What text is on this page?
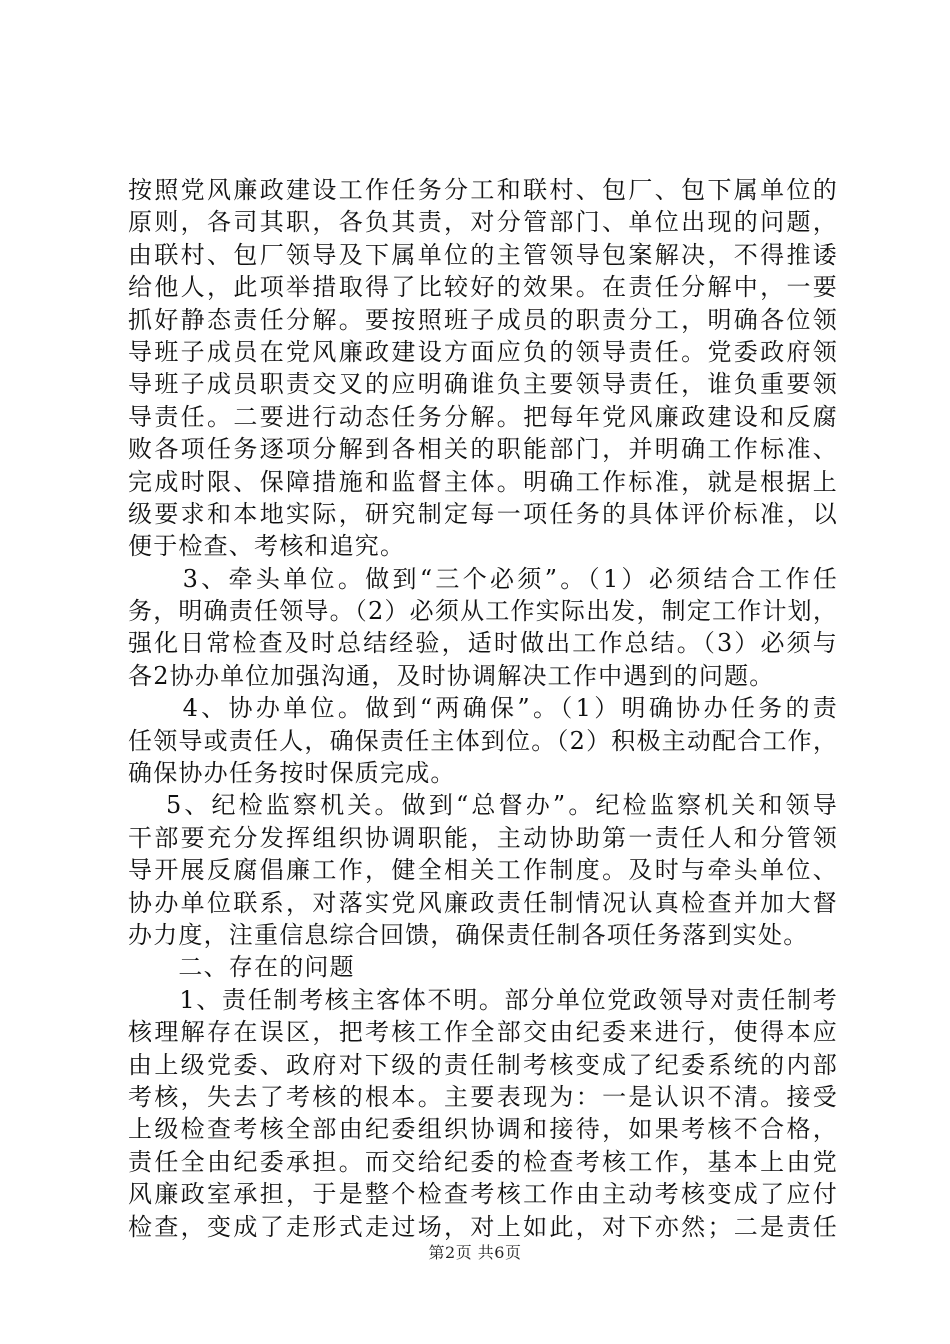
按照党风廉政建设工作任务分工和联村、包厂、包下属单位的
原则，各司其职，各负其责，对分管部门、单位出现的问题，
由联村、包厂领导及下属单位的主管领导包案解决，不得推诿
给他人，此项举措取得了比较好的效果。在责任分解中，一要
抓好静态责任分解。要按照班子成员的职责分工，明确各位领
导班子成员在党风廉政建设方面应负的领导责任。党委政府领
导班子成员职责交叉的应明确谁负主要领导责任，谁负重要领
导责任。二要进行动态任务分解。把每年党风廉政建设和反腐
败各项任务逐项分解到各相关的职能部门，并明确工作标准、
完成时限、保障措施和监督主体。明确工作标准，就是根据上
级要求和本地实际，研究制定每一项任务的具体评价标准，以
便于检查、考核和追究。
　　3、牵头单位。做到“三个必须”。（1）必须结合工作任
务，明确责任领导。（2）必须从工作实际出发，制定工作计划，
强化日常检查及时总结经验，适时做出工作总结。（3）必须与
各2协办单位加强沟通，及时协调解决工作中遇到的问题。
　　4、协办单位。做到“两确保”。（1）明确协办任务的责
任领导或责任人，确保责任主体到位。（2）积极主动配合工作，
确保协办任务按时保质完成。
　 5、纪检监察机关。做到“总督办”。纪检监察机关和领导
干部要充分发挥组织协调职能，主动协助第一责任人和分管领
导开展反腐倡廉工作，健全相关工作制度。及时与牵头单位、
协办单位联系，对落实党风廉政责任制情况认真检查并加大督
办力度，注重信息综合回馈，确保责任制各项任务落到实处。
　　二、存在的问题
　　1、责任制考核主客体不明。部分单位党政领导对责任制考
核理解存在误区，把考核工作全部交由纪委来进行，使得本应
由上级党委、政府对下级的责任制考核变成了纪委系统的内部
考核，失去了考核的根本。主要表现为：一是认识不清。接受
上级检查考核全部由纪委组织协调和接待，如果考核不合格，
责任全由纪委承担。而交给纪委的检查考核工作，基本上由党
风廉政室承担，于是整个检查考核工作由主动考核变成了应付
检查，变成了走形式走过场，对上如此，对下亦然；二是责任
第2页 共6页
